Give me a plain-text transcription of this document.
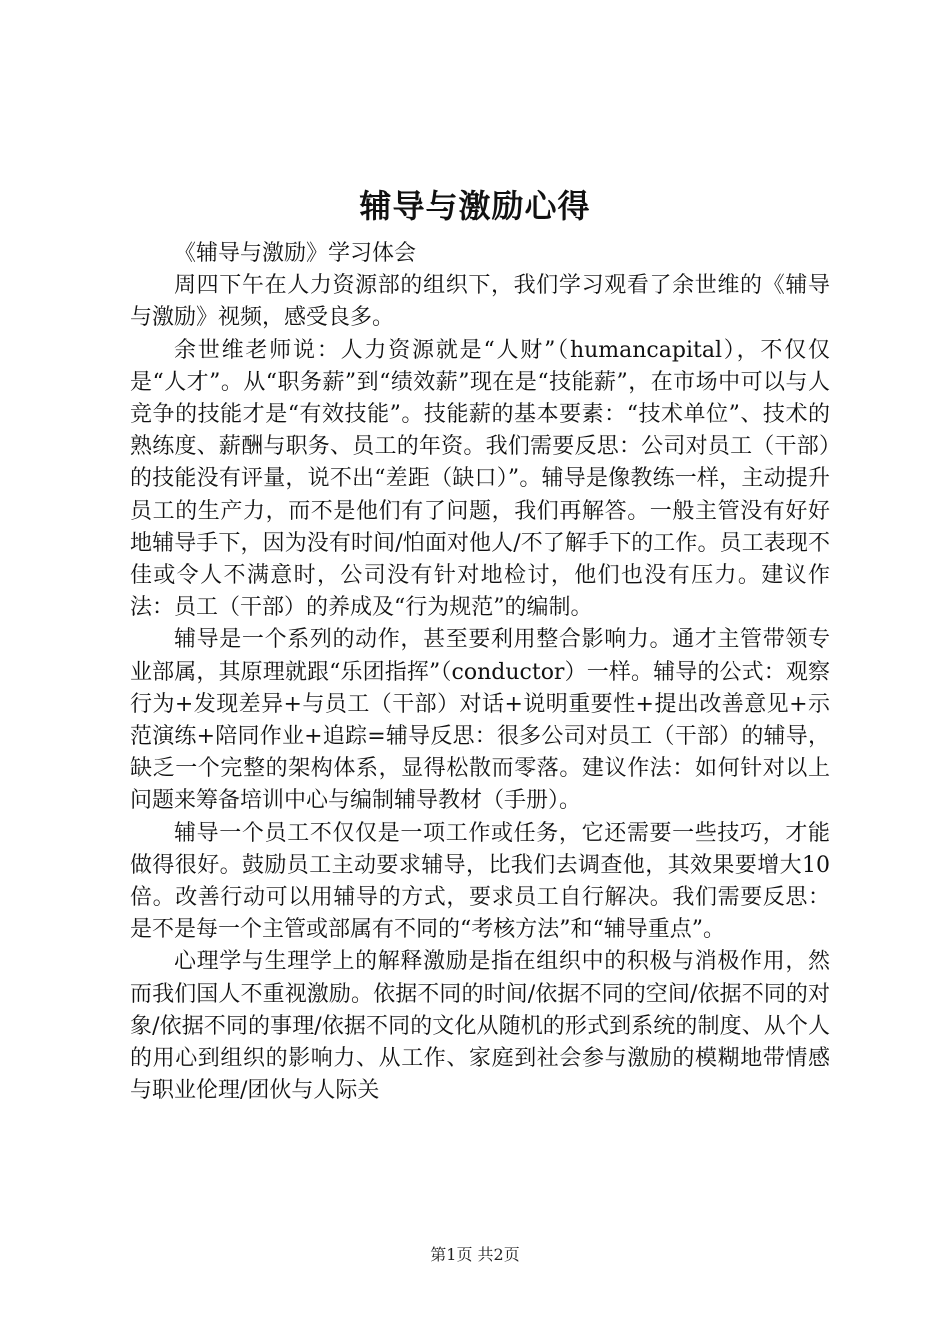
辅导与激励心得

《辅导与激励》学习体会

周四下午在人力资源部的组织下，我们学习观看了余世维的《辅导与激励》视频，感受良多。

余世维老师说：人力资源就是“人财”（humancapital），不仅仅是“人才”。从“职务薪”到“绩效薪”现在是“技能薪”，在市场中可以与人竞争的技能才是“有效技能”。技能薪的基本要素：“技术单位”、技术的熟练度、薪酬与职务、员工的年资。我们需要反思：公司对员工（干部）的技能没有评量，说不出“差距（缺口）”。辅导是像教练一样，主动提升员工的生产力，而不是他们有了问题，我们再解答。一般主管没有好好地辅导手下，因为没有时间/怕面对他人/不了解手下的工作。员工表现不佳或令人不满意时，公司没有针对地检讨，他们也没有压力。建议作法：员工（干部）的养成及“行为规范”的编制。

辅导是一个系列的动作，甚至要利用整合影响力。通才主管带领专业部属，其原理就跟“乐团指挥”（conductor）一样。辅导的公式：观察行为+发现差异+与员工（干部）对话+说明重要性+提出改善意见+示范演练+陪同作业+追踪=辅导反思：很多公司对员工（干部）的辅导，缺乏一个完整的架构体系，显得松散而零落。建议作法：如何针对以上问题来筹备培训中心与编制辅导教材（手册）。

辅导一个员工不仅仅是一项工作或任务，它还需要一些技巧，才能做得很好。鼓励员工主动要求辅导，比我们去调查他，其效果要增大10倍。改善行动可以用辅导的方式，要求员工自行解决。我们需要反思：是不是每一个主管或部属有不同的“考核方法”和“辅导重点”。

心理学与生理学上的解释激励是指在组织中的积极与消极作用，然而我们国人不重视激励。依据不同的时间/依据不同的空间/依据不同的对象/依据不同的事理/依据不同的文化从随机的形式到系统的制度、从个人的用心到组织的影响力、从工作、家庭到社会参与激励的模糊地带情感与职业伦理/团伙与人际关

第1页 共2页
